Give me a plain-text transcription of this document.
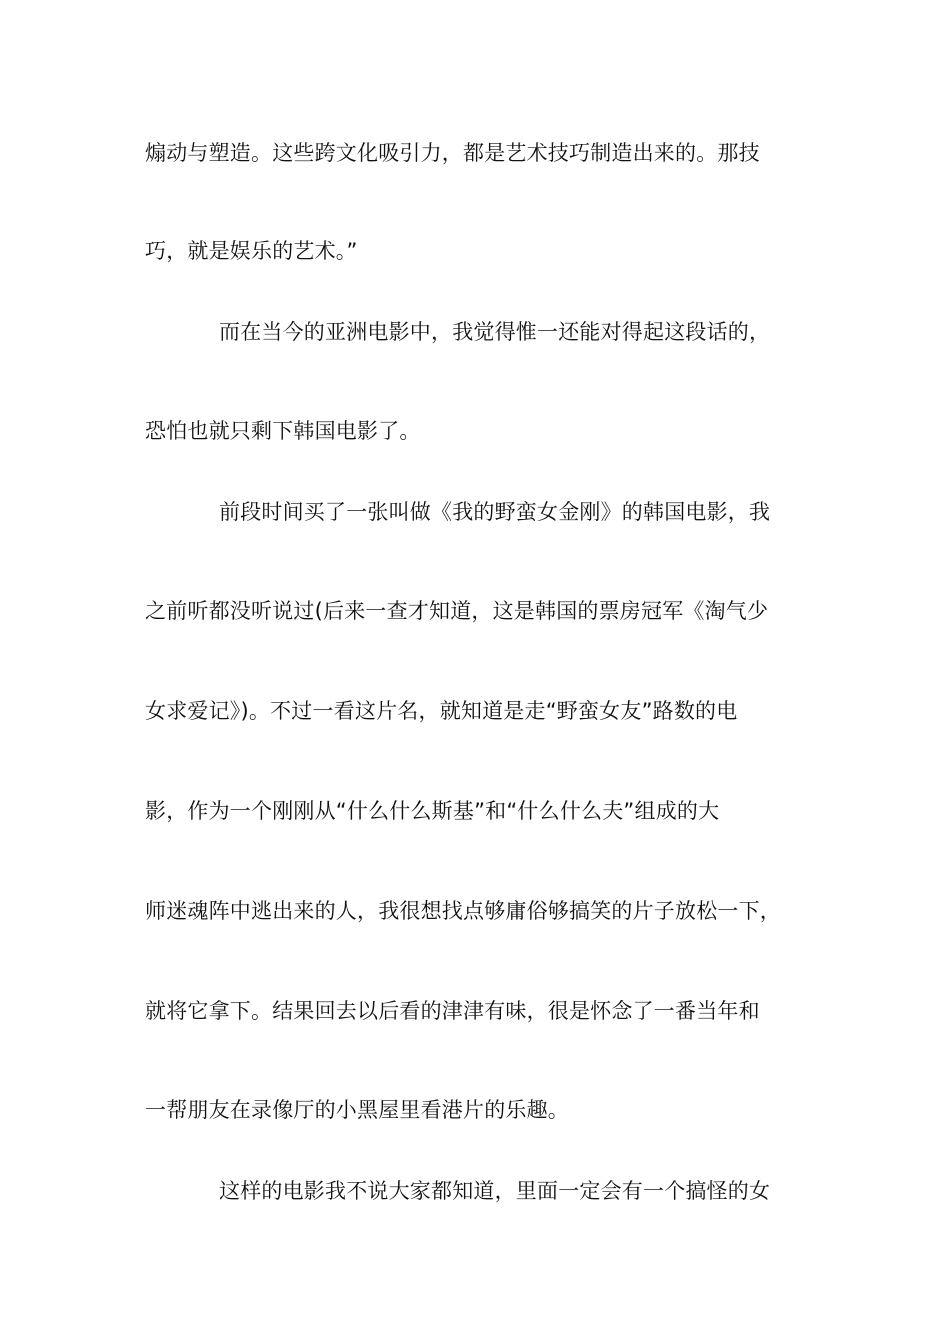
煽动与塑造。这些跨文化吸引力，都是艺术技巧制造出来的。那技
巧，就是娱乐的艺术。”
而在当今的亚洲电影中，我觉得惟一还能对得起这段话的，
恐怕也就只剩下韩国电影了。
前段时间买了一张叫做《我的野蛮女金刚》的韩国电影，我
之前听都没听说过(后来一查才知道，这是韩国的票房冠军《淘气少
女求爱记》)。不过一看这片名，就知道是走“野蛮女友”路数的电
影，作为一个刚刚从“什么什么斯基”和“什么什么夫”组成的大
师迷魂阵中逃出来的人，我很想找点够庸俗够搞笑的片子放松一下，
就将它拿下。结果回去以后看的津津有味，很是怀念了一番当年和
一帮朋友在录像厅的小黑屋里看港片的乐趣。
这样的电影我不说大家都知道，里面一定会有一个搞怪的女
